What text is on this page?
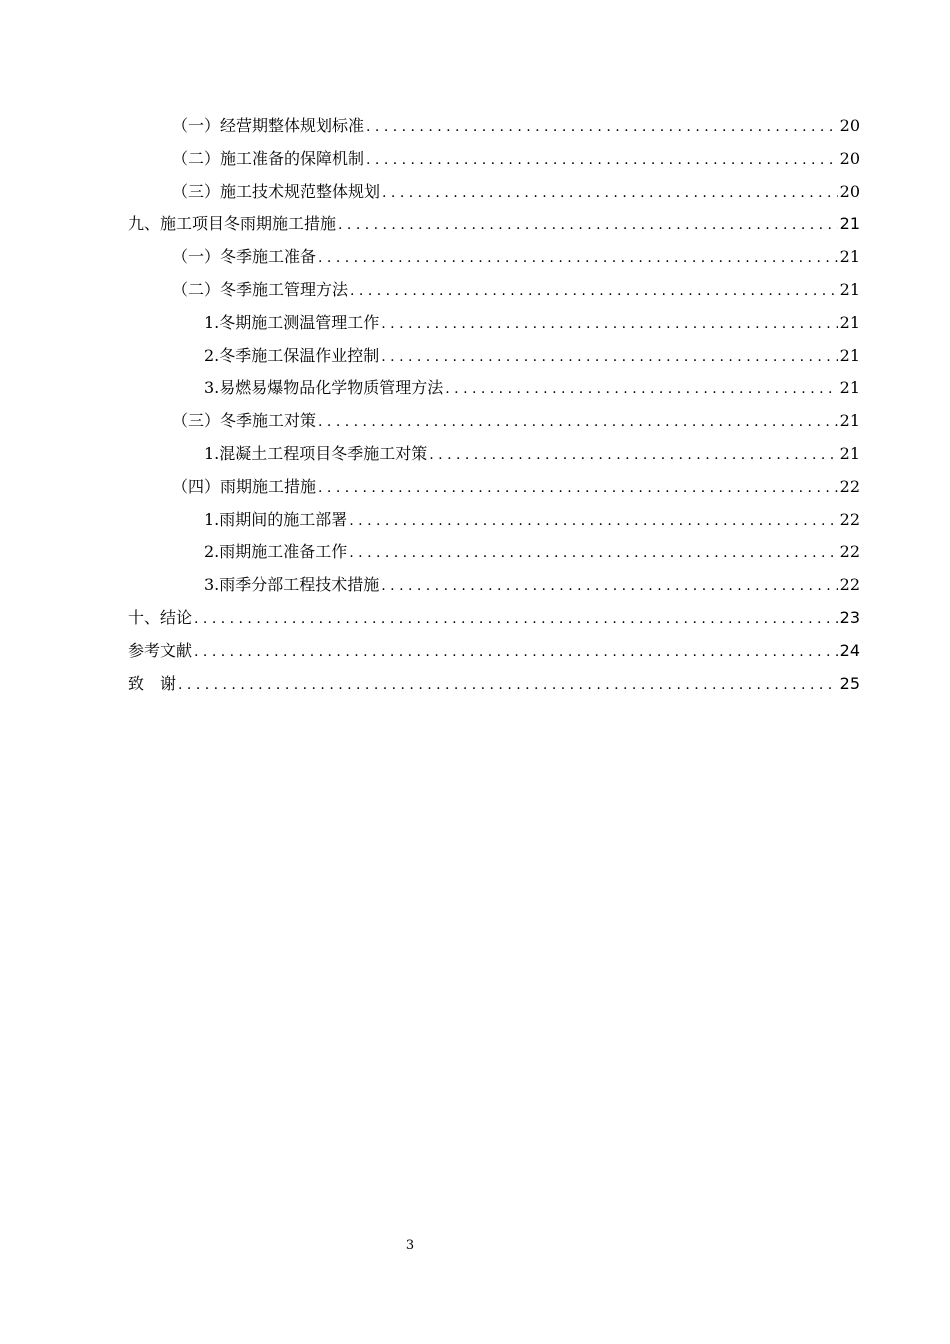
（一）经营期整体规划标准 . . .	20
（二）施工准备的保障机制 . . .	20
（三）施工技术规范整体规划 . . .	20
九、施工项目冬雨期施工措施 . . .	21
（一）冬季施工准备 . . .	21
（二）冬季施工管理方法 . . .	21
1.冬期施工测温管理工作 . . .	21
2.冬季施工保温作业控制 . . .	21
3.易燃易爆物品化学物质管理方法 . . .	21
（三）冬季施工对策 . . .	21
1.混凝土工程项目冬季施工对策 . . .	21
（四）雨期施工措施 . . .	22
1.雨期间的施工部署 . . .	22
2.雨期施工准备工作 . . .	22
3.雨季分部工程技术措施 . . .	22
十、结论 . . .	23
参考文献 . . .	24
致　谢 . . .	25
3
